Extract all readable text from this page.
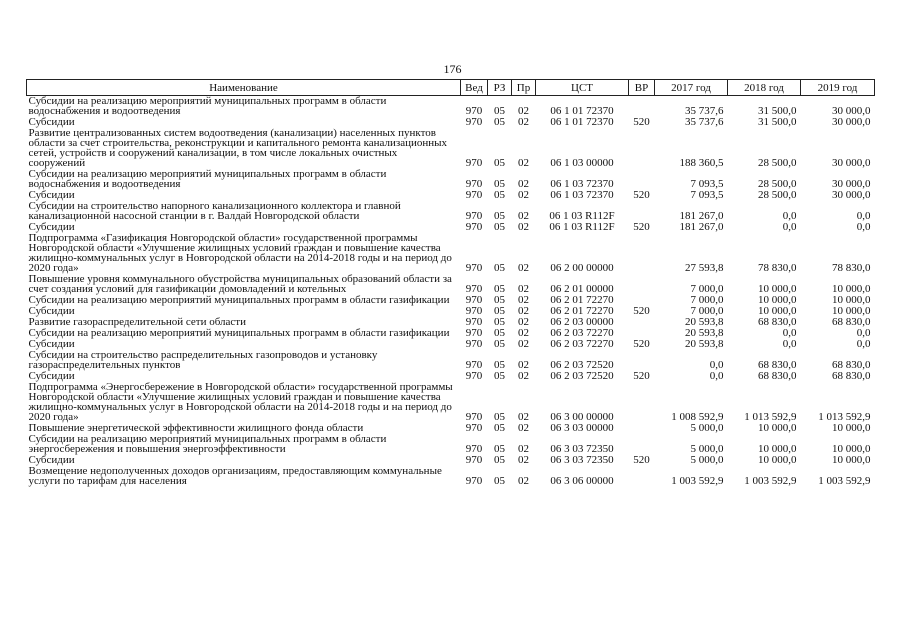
176
Наименование	Вед	РЗ	Пр	ЦСТ	ВР	2017 год	2018 год	2019 год
Субсидии на реализацию мероприятий муниципальных программ в области водоснабжения и водоотведения	970	05	02	06 1 01 72370		35 737,6	31 500,0	30 000,0
Субсидии	970	05	02	06 1 01 72370	520	35 737,6	31 500,0	30 000,0
Развитие централизованных систем водоотведения (канализации) населенных пунктов области за счет строительства, реконструкции и капитального ремонта канализационных сетей, устройств и сооружений канализации, в том числе локальных очистных сооружений	970	05	02	06 1 03 00000		188 360,5	28 500,0	30 000,0
Субсидии на реализацию мероприятий муниципальных программ в области водоснабжения и водоотведения	970	05	02	06 1 03 72370		7 093,5	28 500,0	30 000,0
Субсидии	970	05	02	06 1 03 72370	520	7 093,5	28 500,0	30 000,0
Субсидии на строительство напорного канализационного коллектора и главной канализационной насосной станции в г. Валдай Новгородской области	970	05	02	06 1 03 R112F		181 267,0	0,0	0,0
Субсидии	970	05	02	06 1 03 R112F	520	181 267,0	0,0	0,0
Подпрограмма «Газификация Новгородской области» государственной программы Новгородской области «Улучшение жилищных условий граждан и повышение качества жилищно-коммунальных услуг в Новгородской области на 2014-2018 годы и на период до 2020 года»	970	05	02	06 2 00 00000		27 593,8	78 830,0	78 830,0
Повышение уровня коммунального обустройства муниципальных образований области за счет создания условий для газификации домовладений и котельных	970	05	02	06 2 01 00000		7 000,0	10 000,0	10 000,0
Субсидии на реализацию мероприятий муниципальных программ в области газификации	970	05	02	06 2 01 72270		7 000,0	10 000,0	10 000,0
Субсидии	970	05	02	06 2 01 72270	520	7 000,0	10 000,0	10 000,0
Развитие газораспределительной сети области	970	05	02	06 2 03 00000		20 593,8	68 830,0	68 830,0
Субсидии на реализацию мероприятий муниципальных программ в области газификации	970	05	02	06 2 03 72270		20 593,8	0,0	0,0
Субсидии	970	05	02	06 2 03 72270	520	20 593,8	0,0	0,0
Субсидии на строительство распределительных газопроводов и установку газораспределительных пунктов	970	05	02	06 2 03 72520		0,0	68 830,0	68 830,0
Субсидии	970	05	02	06 2 03 72520	520	0,0	68 830,0	68 830,0
Подпрограмма «Энергосбережение в Новгородской области» государственной программы Новгородской области «Улучшение жилищных условий граждан и повышение качества жилищно-коммунальных услуг в Новгородской области на 2014-2018 годы и на период до 2020 года»	970	05	02	06 3 00 00000		1 008 592,9	1 013 592,9	1 013 592,9
Повышение энергетической эффективности жилищного фонда области	970	05	02	06 3 03 00000		5 000,0	10 000,0	10 000,0
Субсидии на реализацию мероприятий муниципальных программ в области энергосбережения и повышения энергоэффективности	970	05	02	06 3 03 72350		5 000,0	10 000,0	10 000,0
Субсидии	970	05	02	06 3 03 72350	520	5 000,0	10 000,0	10 000,0
Возмещение недополученных доходов организациям, предоставляющим коммунальные услуги по тарифам для населения	970	05	02	06 3 06 00000		1 003 592,9	1 003 592,9	1 003 592,9
